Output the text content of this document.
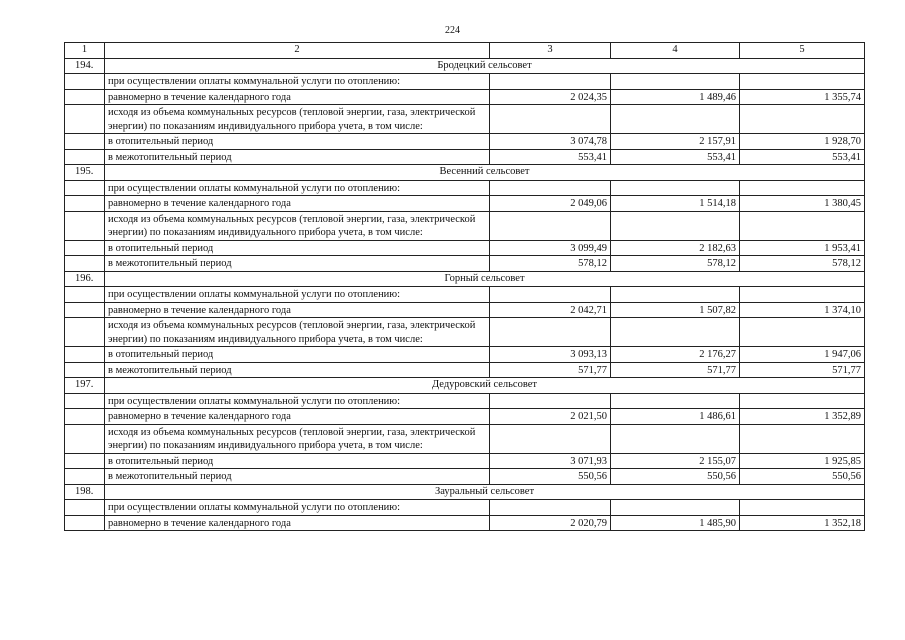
224
1	2	3	4	5
194.	Бродецкий сельсовет			
	при осуществлении оплаты коммунальной услуги по отоплению:			
	равномерно в течение календарного года	2 024,35	1 489,46	1 355,74
	исходя из объема коммунальных ресурсов (тепловой энергии, газа, электрической энергии) по показаниям индивидуального прибора учета, в том числе:			
	в отопительный период	3 074,78	2 157,91	1 928,70
	в межотопительный период	553,41	553,41	553,41
195.	Весенний сельсовет			
	при осуществлении оплаты коммунальной услуги по отоплению:			
	равномерно в течение календарного года	2 049,06	1 514,18	1 380,45
	исходя из объема коммунальных ресурсов (тепловой энергии, газа, электрической энергии) по показаниям индивидуального прибора учета, в том числе:			
	в отопительный период	3 099,49	2 182,63	1 953,41
	в межотопительный период	578,12	578,12	578,12
196.	Горный сельсовет			
	при осуществлении оплаты коммунальной услуги по отоплению:			
	равномерно в течение календарного года	2 042,71	1 507,82	1 374,10
	исходя из объема коммунальных ресурсов (тепловой энергии, газа, электрической энергии) по показаниям индивидуального прибора учета, в том числе:			
	в отопительный период	3 093,13	2 176,27	1 947,06
	в межотопительный период	571,77	571,77	571,77
197.	Дедуровский сельсовет			
	при осуществлении оплаты коммунальной услуги по отоплению:			
	равномерно в течение календарного года	2 021,50	1 486,61	1 352,89
	исходя из объема коммунальных ресурсов (тепловой энергии, газа, электрической энергии) по показаниям индивидуального прибора учета, в том числе:			
	в отопительный период	3 071,93	2 155,07	1 925,85
	в межотопительный период	550,56	550,56	550,56
198.	Зауральный сельсовет			
	при осуществлении оплаты коммунальной услуги по отоплению:			
	равномерно в течение календарного года	2 020,79	1 485,90	1 352,18
